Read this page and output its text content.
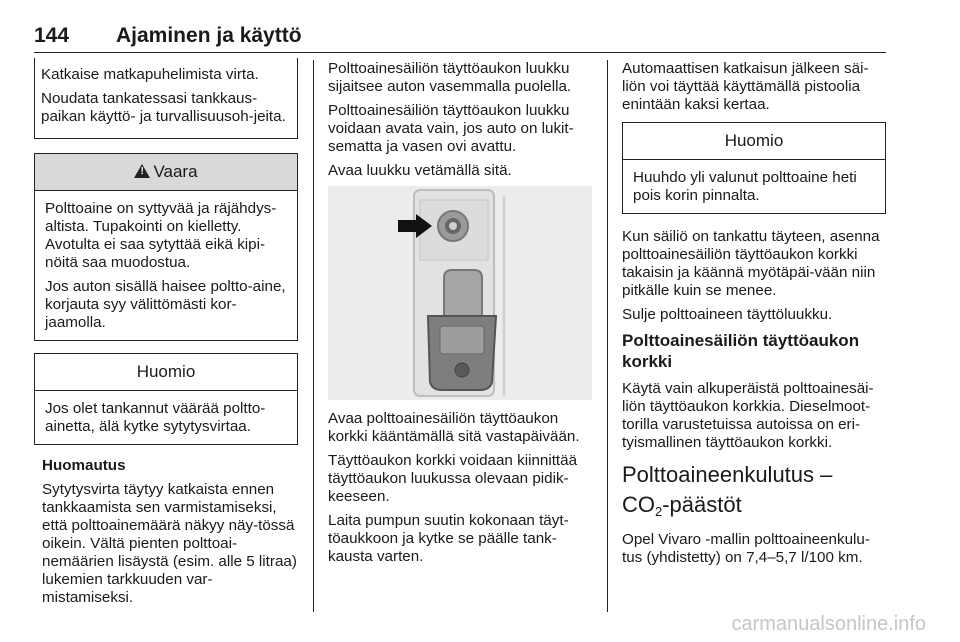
144 Ajaminen ja käyttö

Katkaise matkapuhelimista virta.

Noudata tankatessasi tankkaus-paikan käyttö- ja turvallisuusoh-jeita.

! Vaara

Polttoaine on syttyvää ja räjähdys-altista. Tupakointi on kielletty. Avotulta ei saa sytyttää eikä kipi-nöitä saa muodostua.

Jos auton sisällä haisee poltto-aine, korjauta syy välittömästi kor-jaamolla.

Huomio

Jos olet tankannut väärää poltto-ainetta, älä kytke sytytysvirtaa.

Huomautus

Sytytysvirta täytyy katkaista ennen tankkaamista sen varmistamiseksi, että polttoainemäärä näkyy näy-tössä oikein. Vältä pienten polttoai-nemäärien lisäystä (esim. alle 5 litraa) lukemien tarkkuuden var-mistamiseksi.

Polttoainesäiliön täyttöaukon luukku sijaitsee auton vasemmalla puolella.

Polttoainesäiliön täyttöaukon luukku voidaan avata vain, jos auto on lukit-sematta ja vasen ovi avattu.

Avaa luukku vetämällä sitä.

Avaa polttoainesäiliön täyttöaukon korkki kääntämällä sitä vastapäivään.

Täyttöaukon korkki voidaan kiinnittää täyttöaukon luukussa olevaan pidik-keeseen.

Laita pumpun suutin kokonaan täyt-töaukkoon ja kytke se päälle tank-kausta varten.

Automaattisen katkaisun jälkeen säi-liön voi täyttää käyttämällä pistoolia enintään kaksi kertaa.

Huomio

Huuhdo yli valunut polttoaine heti pois korin pinnalta.

Kun säiliö on tankattu täyteen, asenna polttoainesäiliön täyttöaukon korkki takaisin ja käännä myötäpäi-vään niin pitkälle kuin se menee.

Sulje polttoaineen täyttöluukku.

Polttoainesäiliön täyttöaukon korkki

Käytä vain alkuperäistä polttoainesäi-liön täyttöaukon korkkia. Dieselmoot-torilla varustetuissa autoissa on eri-tyismallinen täyttöaukon korkki.

Polttoaineenkulutus – $CO_2$-päästöt

Opel Vivaro -mallin polttoaineenkulu-tus (yhdistetty) on 7,4–5,7 l/100 km.

carmanualsonline.info
